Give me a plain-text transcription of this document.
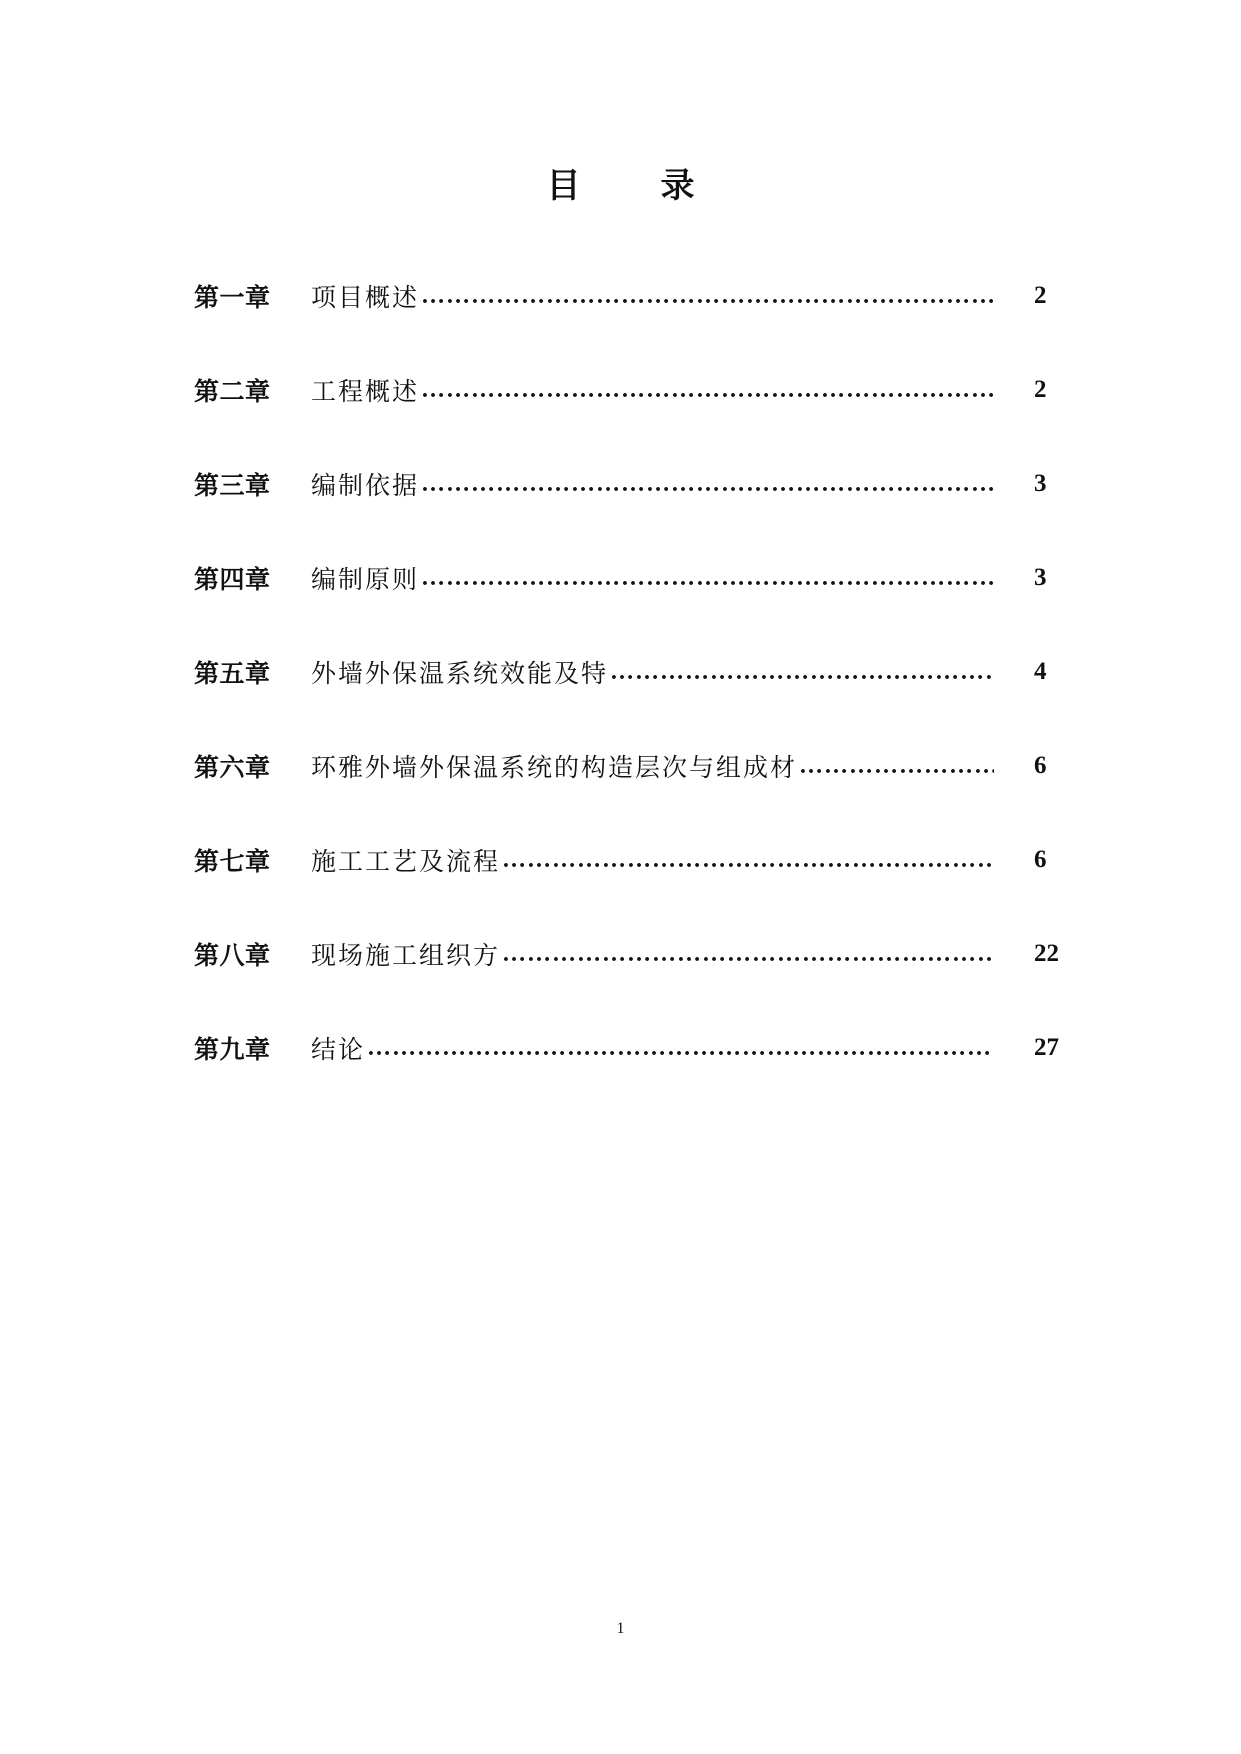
目 录
第一章	项目概述 ………………………………………………………………………………………………………………………………………………	2
第二章	工程概述 ………………………………………………………………………………………………………………………………………………	2
第三章	编制依据 ………………………………………………………………………………………………………………………………………………	3
第四章	编制原则 ………………………………………………………………………………………………………………………………………………	3
第五章	外墙外保温系统效能及特 ………………………………………………………………………………………………………………………………………………	4
第六章	环雅外墙外保温系统的构造层次与组成材 ………………………………………………………………………………………………………………………………………………	6
第七章	施工工艺及流程 ………………………………………………………………………………………………………………………………………………	6
第八章	现场施工组织方 ………………………………………………………………………………………………………………………………………………	22
第九章	结论 ………………………………………………………………………………………………………………………………………………	27
1
